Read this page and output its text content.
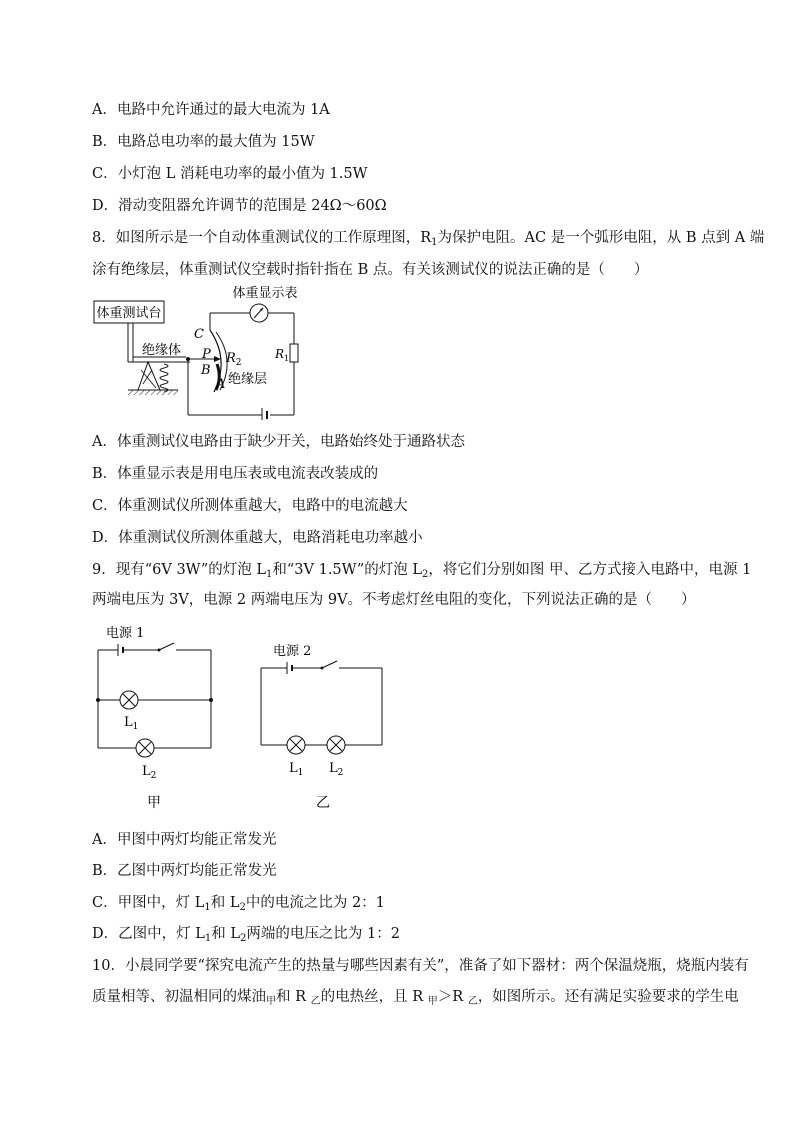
A．电路中允许通过的最大电流为 1A
B．电路总电功率的最大值为 15W
C．小灯泡 L 消耗电功率的最小值为 1.5W
D．滑动变阻器允许调节的范围是 24Ω～60Ω
8．如图所示是一个自动体重测试仪的工作原理图，$R_1$为保护电阻。AC 是一个弧形电阻，从 B 点到 A 端
涂有绝缘层，体重测试仪空载时指针指在 B 点。有关该测试仪的说法正确的是（　　）
体重测试台
绝缘体
C
P
B
A
$R_2$
绝缘层
体重显示表
$R_1$
A．体重测试仪电路由于缺少开关，电路始终处于通路状态
B．体重显示表是用电压表或电流表改装成的
C．体重测试仪所测体重越大，电路中的电流越大
D．体重测试仪所测体重越大，电路消耗电功率越小
9．现有“6V 3W”的灯泡 $L_1$和“3V 1.5W”的灯泡 $L_2$，将它们分别如图 甲、乙方式接入电路中，电源 1
两端电压为 3V，电源 2 两端电压为 9V。不考虑灯丝电阻的变化，下列说法正确的是（　　）
电源 1
$L_1$
$L_2$
甲
电源 2
$L_1$ $L_2$
乙
A．甲图中两灯均能正常发光
B．乙图中两灯均能正常发光
C．甲图中，灯 $L_1$和 $L_2$中的电流之比为 2：1
D．乙图中，灯 $L_1$和 $L_2$两端的电压之比为 1：2
10．小晨同学要“探究电流产生的热量与哪些因素有关”，准备了如下器材：两个保温烧瓶，烧瓶内装有
质量相等、初温相同的煤油$_甲$和 R $_乙$的电热丝，且 R $_甲$＞R $_乙$，如图所示。还有满足实验要求的学生电
